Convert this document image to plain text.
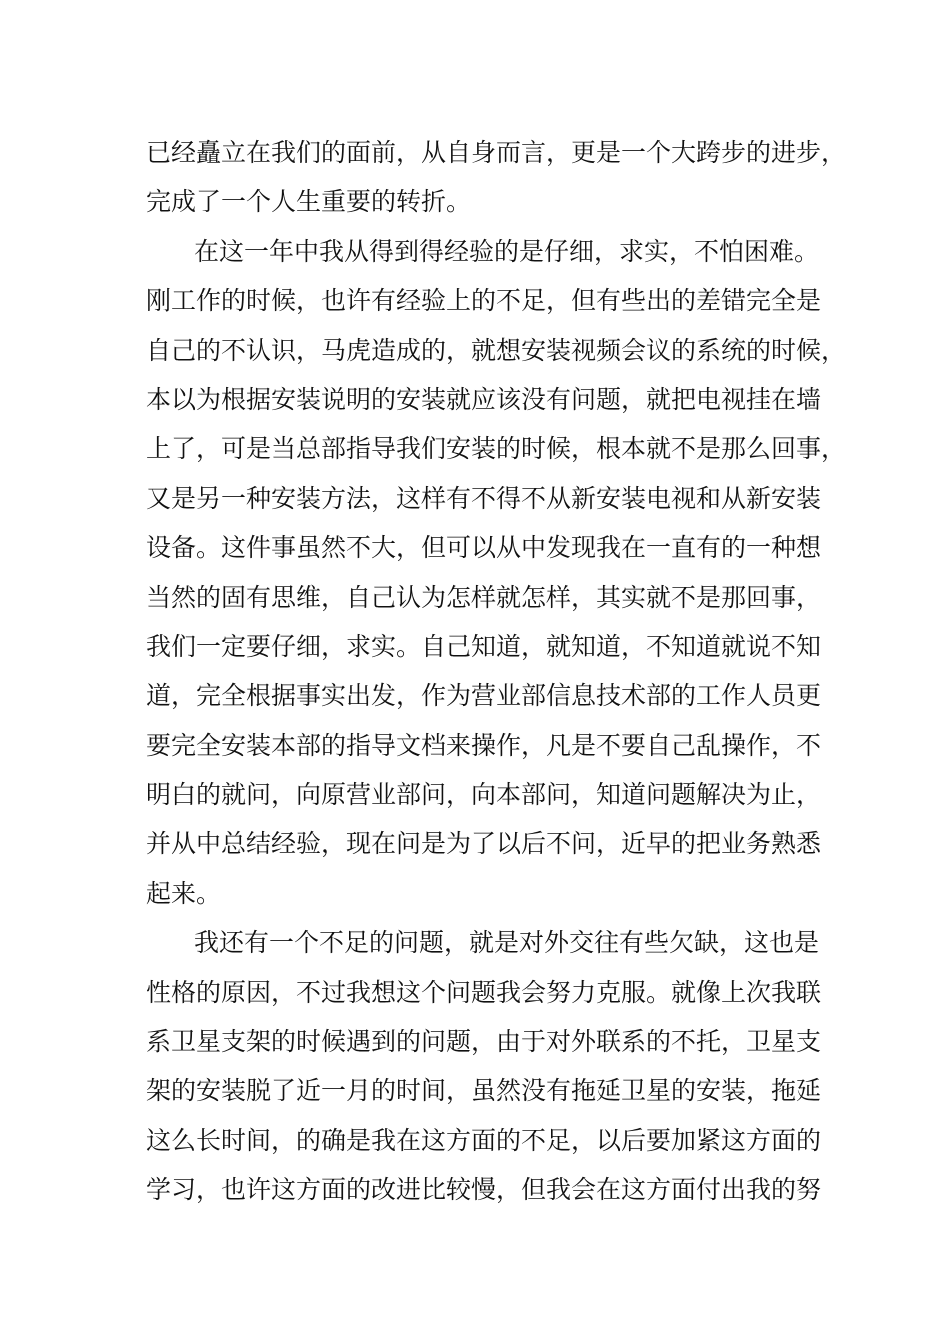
已经矗立在我们的面前，从自身而言，更是一个大跨步的进步，
完成了一个人生重要的转折。
在这一年中我从得到得经验的是仔细，求实，不怕困难。
刚工作的时候，也许有经验上的不足，但有些出的差错完全是
自己的不认识，马虎造成的，就想安装视频会议的系统的时候，
本以为根据安装说明的安装就应该没有问题，就把电视挂在墙
上了，可是当总部指导我们安装的时候，根本就不是那么回事，
又是另一种安装方法，这样有不得不从新安装电视和从新安装
设备。这件事虽然不大，但可以从中发现我在一直有的一种想
当然的固有思维，自己认为怎样就怎样，其实就不是那回事，
我们一定要仔细，求实。自己知道，就知道，不知道就说不知
道，完全根据事实出发，作为营业部信息技术部的工作人员更
要完全安装本部的指导文档来操作，凡是不要自己乱操作，不
明白的就问，向原营业部问，向本部问，知道问题解决为止，
并从中总结经验，现在问是为了以后不问，近早的把业务熟悉
起来。
我还有一个不足的问题，就是对外交往有些欠缺，这也是
性格的原因，不过我想这个问题我会努力克服。就像上次我联
系卫星支架的时候遇到的问题，由于对外联系的不托，卫星支
架的安装脱了近一月的时间，虽然没有拖延卫星的安装，拖延
这么长时间，的确是我在这方面的不足，以后要加紧这方面的
学习，也许这方面的改进比较慢，但我会在这方面付出我的努
